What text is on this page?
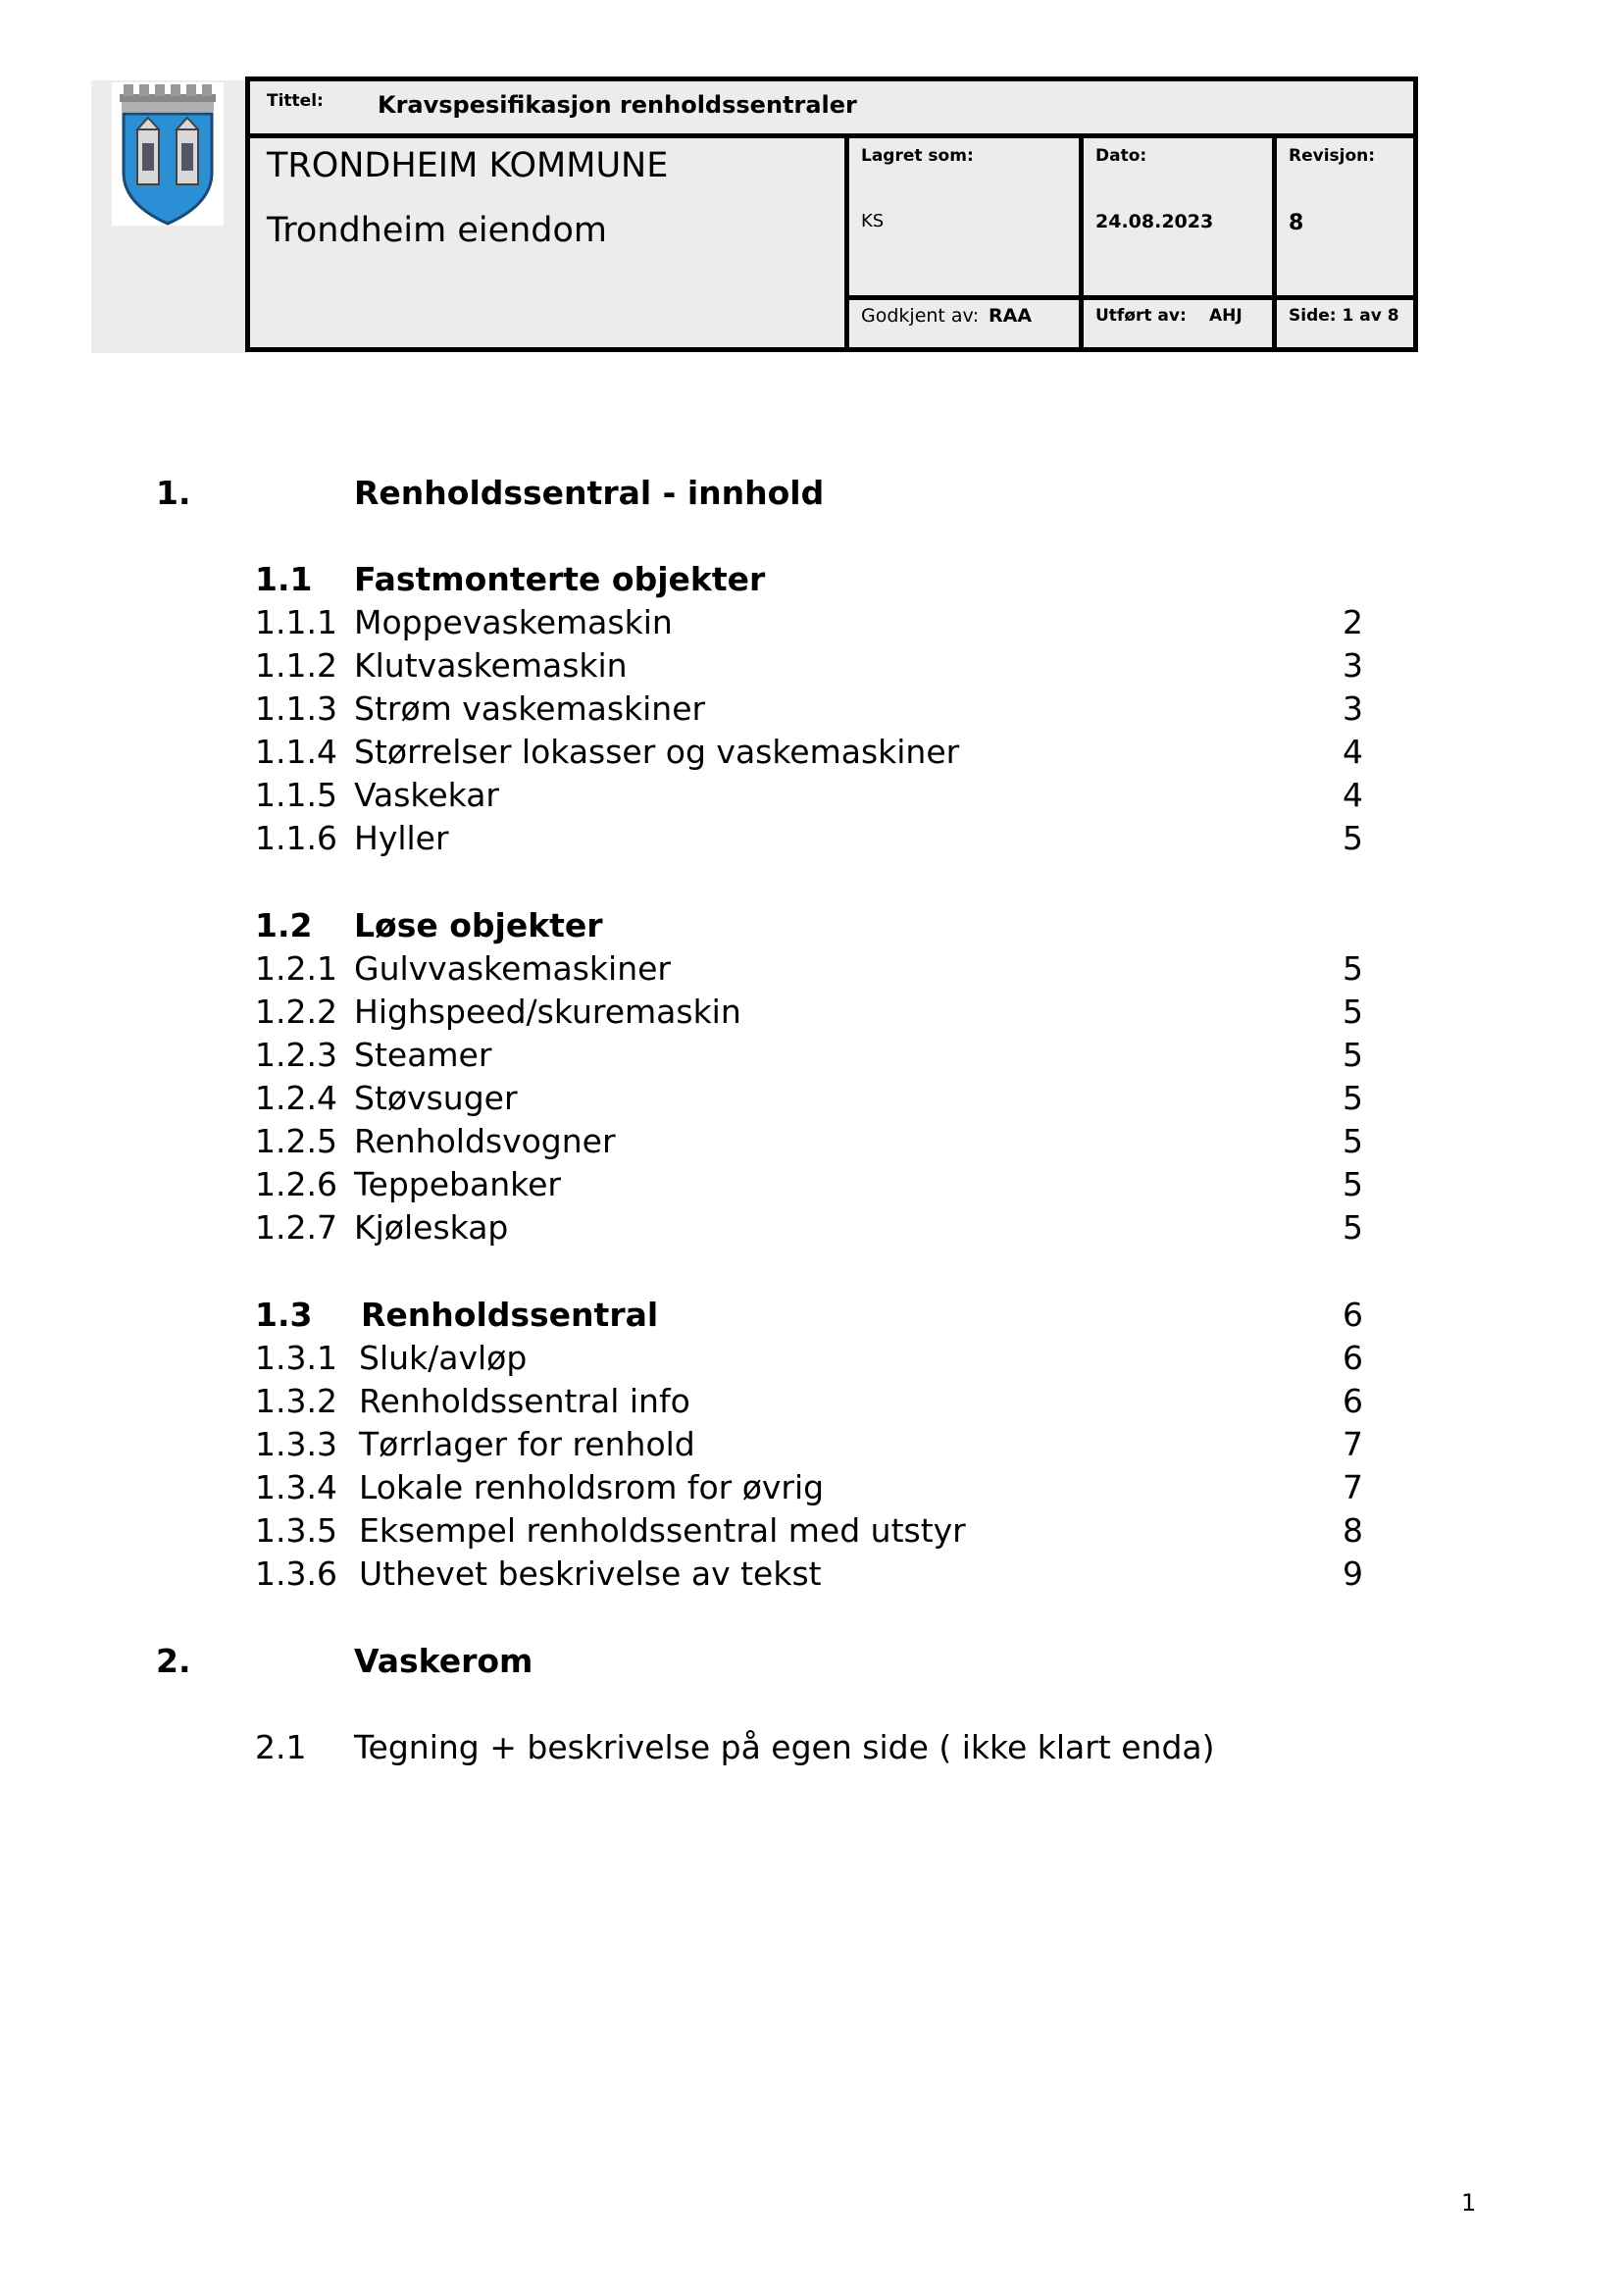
Tittel: Kravspesifikasjon renholdssentraler
TRONDHEIM KOMMUNE
Trondheim eiendom
Lagret som:
KS
Dato:
24.08.2023
Revisjon:
8
Godkjent av: RAA	Utført av: AHJ	Side: 1 av 8
1.	Renholdssentral - innhold
1.1 Fastmonterte objekter
1.1.1 Moppevaskemaskin	2
1.1.2 Klutvaskemaskin	3
1.1.3 Strøm vaskemaskiner	3
1.1.4 Størrelser lokasser og vaskemaskiner	4
1.1.5 Vaskekar	4
1.1.6 Hyller	5
1.2 Løse objekter
1.2.1 Gulvvaskemaskiner	5
1.2.2 Highspeed/skuremaskin	5
1.2.3 Steamer	5
1.2.4 Støvsuger	5
1.2.5 Renholdsvogner	5
1.2.6 Teppebanker	5
1.2.7 Kjøleskap	5
1.3 Renholdssentral	6
1.3.1 Sluk/avløp	6
1.3.2 Renholdssentral info	6
1.3.3 Tørrlager for renhold	7
1.3.4 Lokale renholdsrom for øvrig	7
1.3.5 Eksempel renholdssentral med utstyr	8
1.3.6 Uthevet beskrivelse av tekst	9
2.	Vaskerom
2.1 Tegning + beskrivelse på egen side ( ikke klart enda)
1
